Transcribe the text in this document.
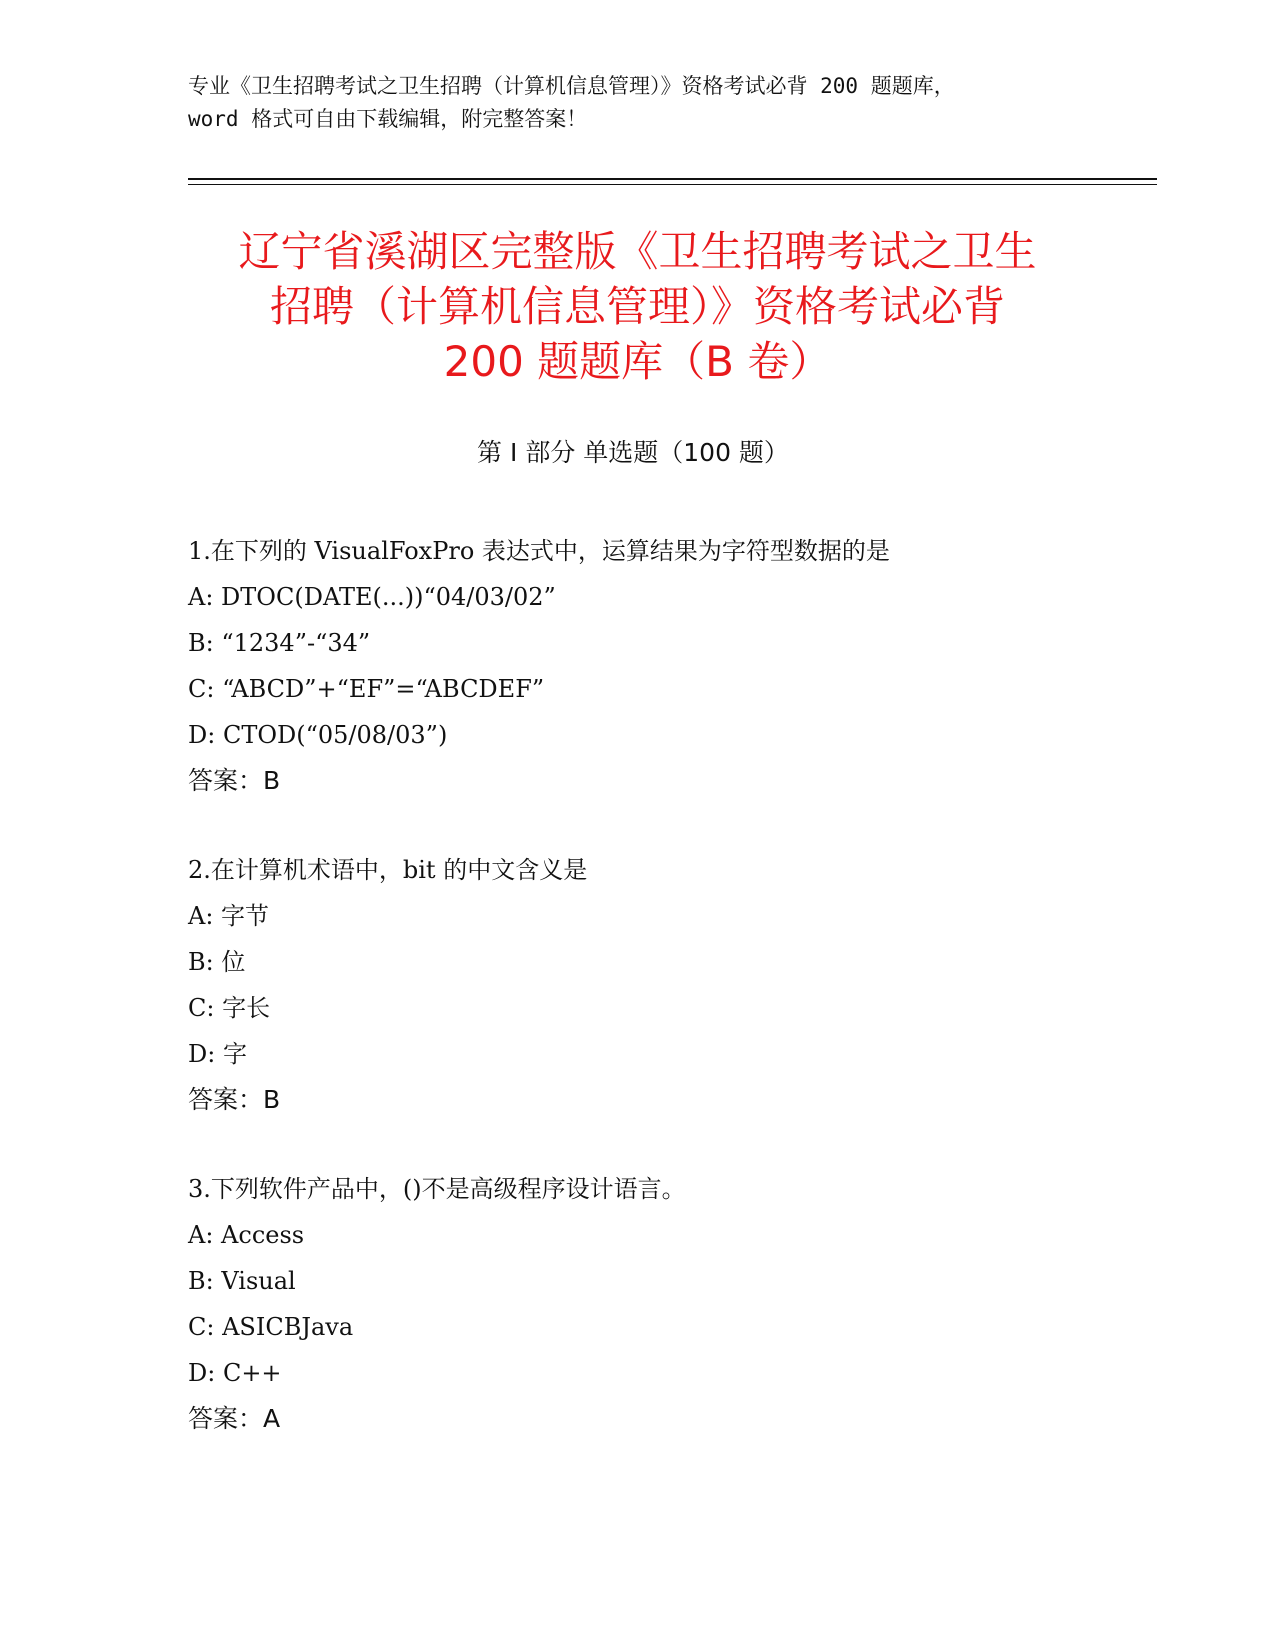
专业《卫生招聘考试之卫生招聘（计算机信息管理）》资格考试必背 200 题题库，
word 格式可自由下载编辑，附完整答案！
辽宁省溪湖区完整版《卫生招聘考试之卫生
招聘（计算机信息管理）》资格考试必背
200 题题库（B 卷）
第 I 部分 单选题（100 题）
1.在下列的 VisualFoxPro 表达式中，运算结果为字符型数据的是
A: DTOC(DATE(...))“04/03/02”
B: “1234”-“34”
C: “ABCD”+“EF”=“ABCDEF”
D: CTOD(“05/08/03”)
答案：B
2.在计算机术语中，bit 的中文含义是
A: 字节
B: 位
C: 字长
D: 字
答案：B
3.下列软件产品中，()不是高级程序设计语言。
A: Access
B: Visual
C: ASICBJava
D: C++
答案：A
